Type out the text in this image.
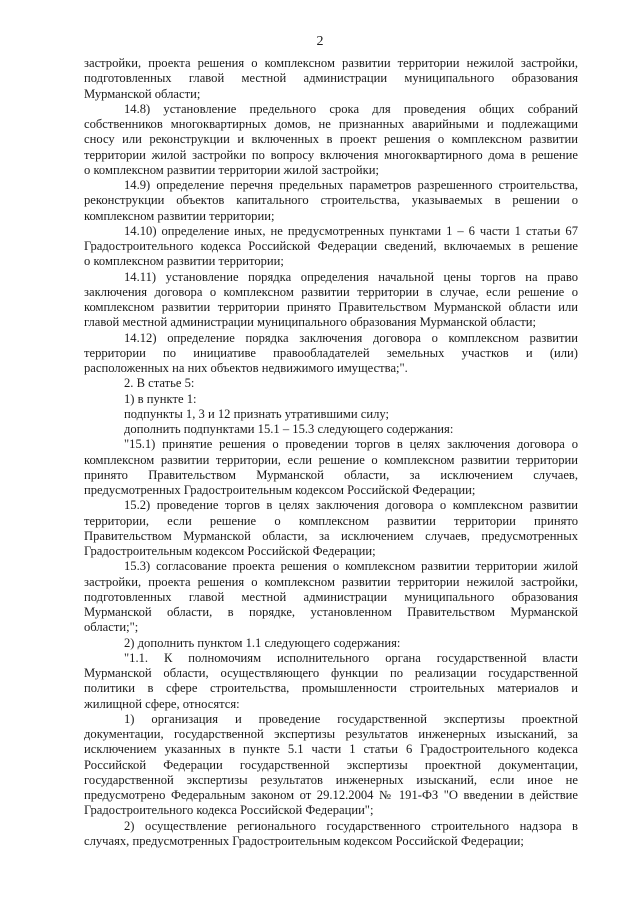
2
застройки, проекта решения о комплексном развитии территории нежилой застройки,
подготовленных главой местной администрации муниципального образования
Мурманской области;
14.8) установление предельного срока для проведения общих собраний
собственников многоквартирных домов, не признанных аварийными и подлежащими
сносу или реконструкции и включенных в проект решения о комплексном развитии
территории жилой застройки по вопросу включения многоквартирного дома в решение
о комплексном развитии территории жилой застройки;
14.9) определение перечня предельных параметров разрешенного строительства,
реконструкции объектов капитального строительства, указываемых в решении о
комплексном развитии территории;
14.10) определение иных, не предусмотренных пунктами 1 – 6 части 1 статьи 67
Градостроительного кодекса Российской Федерации сведений, включаемых в решение
о комплексном развитии территории;
14.11) установление порядка определения начальной цены торгов на право
заключения договора о комплексном развитии территории в случае, если решение о
комплексном развитии территории принято Правительством Мурманской области или
главой местной администрации муниципального образования Мурманской области;
14.12) определение порядка заключения договора о комплексном развитии
территории по инициативе правообладателей земельных участков и (или)
расположенных на них объектов недвижимого имущества;".
2. В статье 5:
1) в пункте 1:
подпункты 1, 3 и 12 признать утратившими силу;
дополнить подпунктами 15.1 – 15.3 следующего содержания:
"15.1) принятие решения о проведении торгов в целях заключения договора о
комплексном развитии территории, если решение о комплексном развитии территории
принято Правительством Мурманской области, за исключением случаев,
предусмотренных Градостроительным кодексом Российской Федерации;
15.2) проведение торгов в целях заключения договора о комплексном развитии
территории, если решение о комплексном развитии территории принято
Правительством Мурманской области, за исключением случаев, предусмотренных
Градостроительным кодексом Российской Федерации;
15.3) согласование проекта решения о комплексном развитии территории жилой
застройки, проекта решения о комплексном развитии территории нежилой застройки,
подготовленных главой местной администрации муниципального образования
Мурманской области, в порядке, установленном Правительством Мурманской
области;";
2) дополнить пунктом 1.1 следующего содержания:
"1.1. К полномочиям исполнительного органа государственной власти
Мурманской области, осуществляющего функции по реализации государственной
политики в сфере строительства, промышленности строительных материалов и
жилищной сфере, относятся:
1) организация и проведение государственной экспертизы проектной
документации, государственной экспертизы результатов инженерных изысканий, за
исключением указанных в пункте 5.1 части 1 статьи 6 Градостроительного кодекса
Российской Федерации государственной экспертизы проектной документации,
государственной экспертизы результатов инженерных изысканий, если иное не
предусмотрено Федеральным законом от 29.12.2004 № 191-ФЗ "О введении в действие
Градостроительного кодекса Российской Федерации";
2) осуществление регионального государственного строительного надзора в
случаях, предусмотренных Градостроительным кодексом Российской Федерации;
